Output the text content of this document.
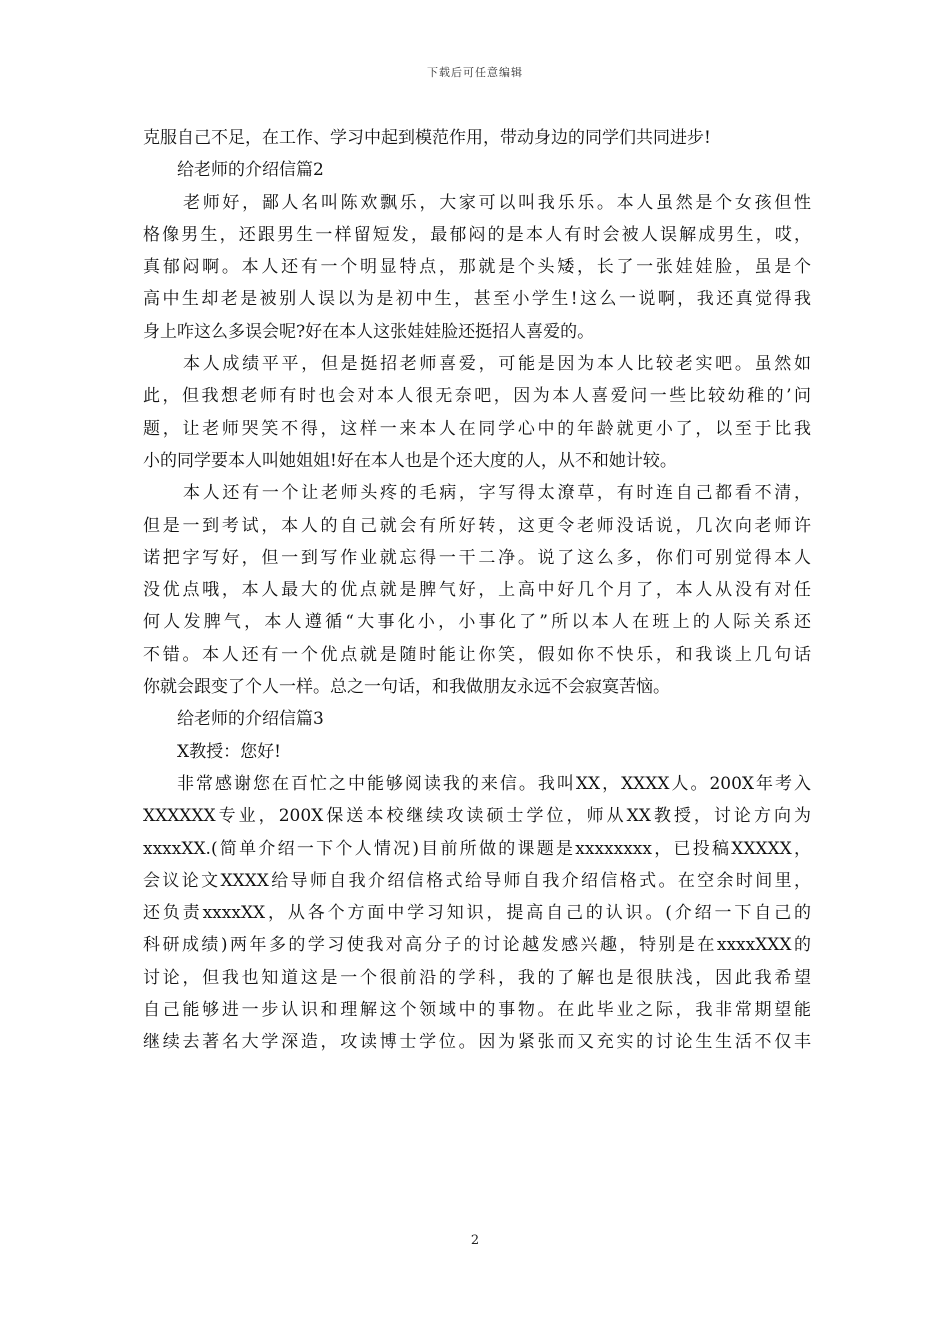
下载后可任意编辑
克服自己不足，在工作、学习中起到模范作用，带动身边的同学们共同进步!
给老师的介绍信篇2
老师好，鄙人名叫陈欢飘乐，大家可以叫我乐乐。本人虽然是个女孩但性
格像男生，还跟男生一样留短发，最郁闷的是本人有时会被人误解成男生，哎，
真郁闷啊。本人还有一个明显特点，那就是个头矮，长了一张娃娃脸，虽是个
高中生却老是被别人误以为是初中生，甚至小学生!这么一说啊，我还真觉得我
身上咋这么多误会呢?好在本人这张娃娃脸还挺招人喜爱的。
本人成绩平平，但是挺招老师喜爱，可能是因为本人比较老实吧。虽然如
此，但我想老师有时也会对本人很无奈吧，因为本人喜爱问一些比较幼稚的’问
题，让老师哭笑不得，这样一来本人在同学心中的年龄就更小了，以至于比我
小的同学要本人叫她姐姐!好在本人也是个还大度的人，从不和她计较。
本人还有一个让老师头疼的毛病，字写得太潦草，有时连自己都看不清，
但是一到考试，本人的自己就会有所好转，这更令老师没话说，几次向老师许
诺把字写好，但一到写作业就忘得一干二净。说了这么多，你们可别觉得本人
没优点哦，本人最大的优点就是脾气好，上高中好几个月了，本人从没有对任
何人发脾气，本人遵循“大事化小，小事化了”所以本人在班上的人际关系还
不错。本人还有一个优点就是随时能让你笑，假如你不快乐，和我谈上几句话
你就会跟变了个人一样。总之一句话，和我做朋友永远不会寂寞苦恼。
给老师的介绍信篇3
X教授：您好!
非常感谢您在百忙之中能够阅读我的来信。我叫XX，XXXX人。200X年考入
XXXXXX专业，200X保送本校继续攻读硕士学位，师从XX教授，讨论方向为
xxxxXX.(简单介绍一下个人情况)目前所做的课题是xxxxxxxx，已投稿XXXXX，
会议论文XXXX给导师自我介绍信格式给导师自我介绍信格式。在空余时间里，
还负责xxxxXX，从各个方面中学习知识，提高自己的认识。(介绍一下自己的
科研成绩)两年多的学习使我对高分子的讨论越发感兴趣，特别是在xxxxXXX的
讨论，但我也知道这是一个很前沿的学科，我的了解也是很肤浅，因此我希望
自己能够进一步认识和理解这个领域中的事物。在此毕业之际，我非常期望能
继续去著名大学深造，攻读博士学位。因为紧张而又充实的讨论生生活不仅丰
2
